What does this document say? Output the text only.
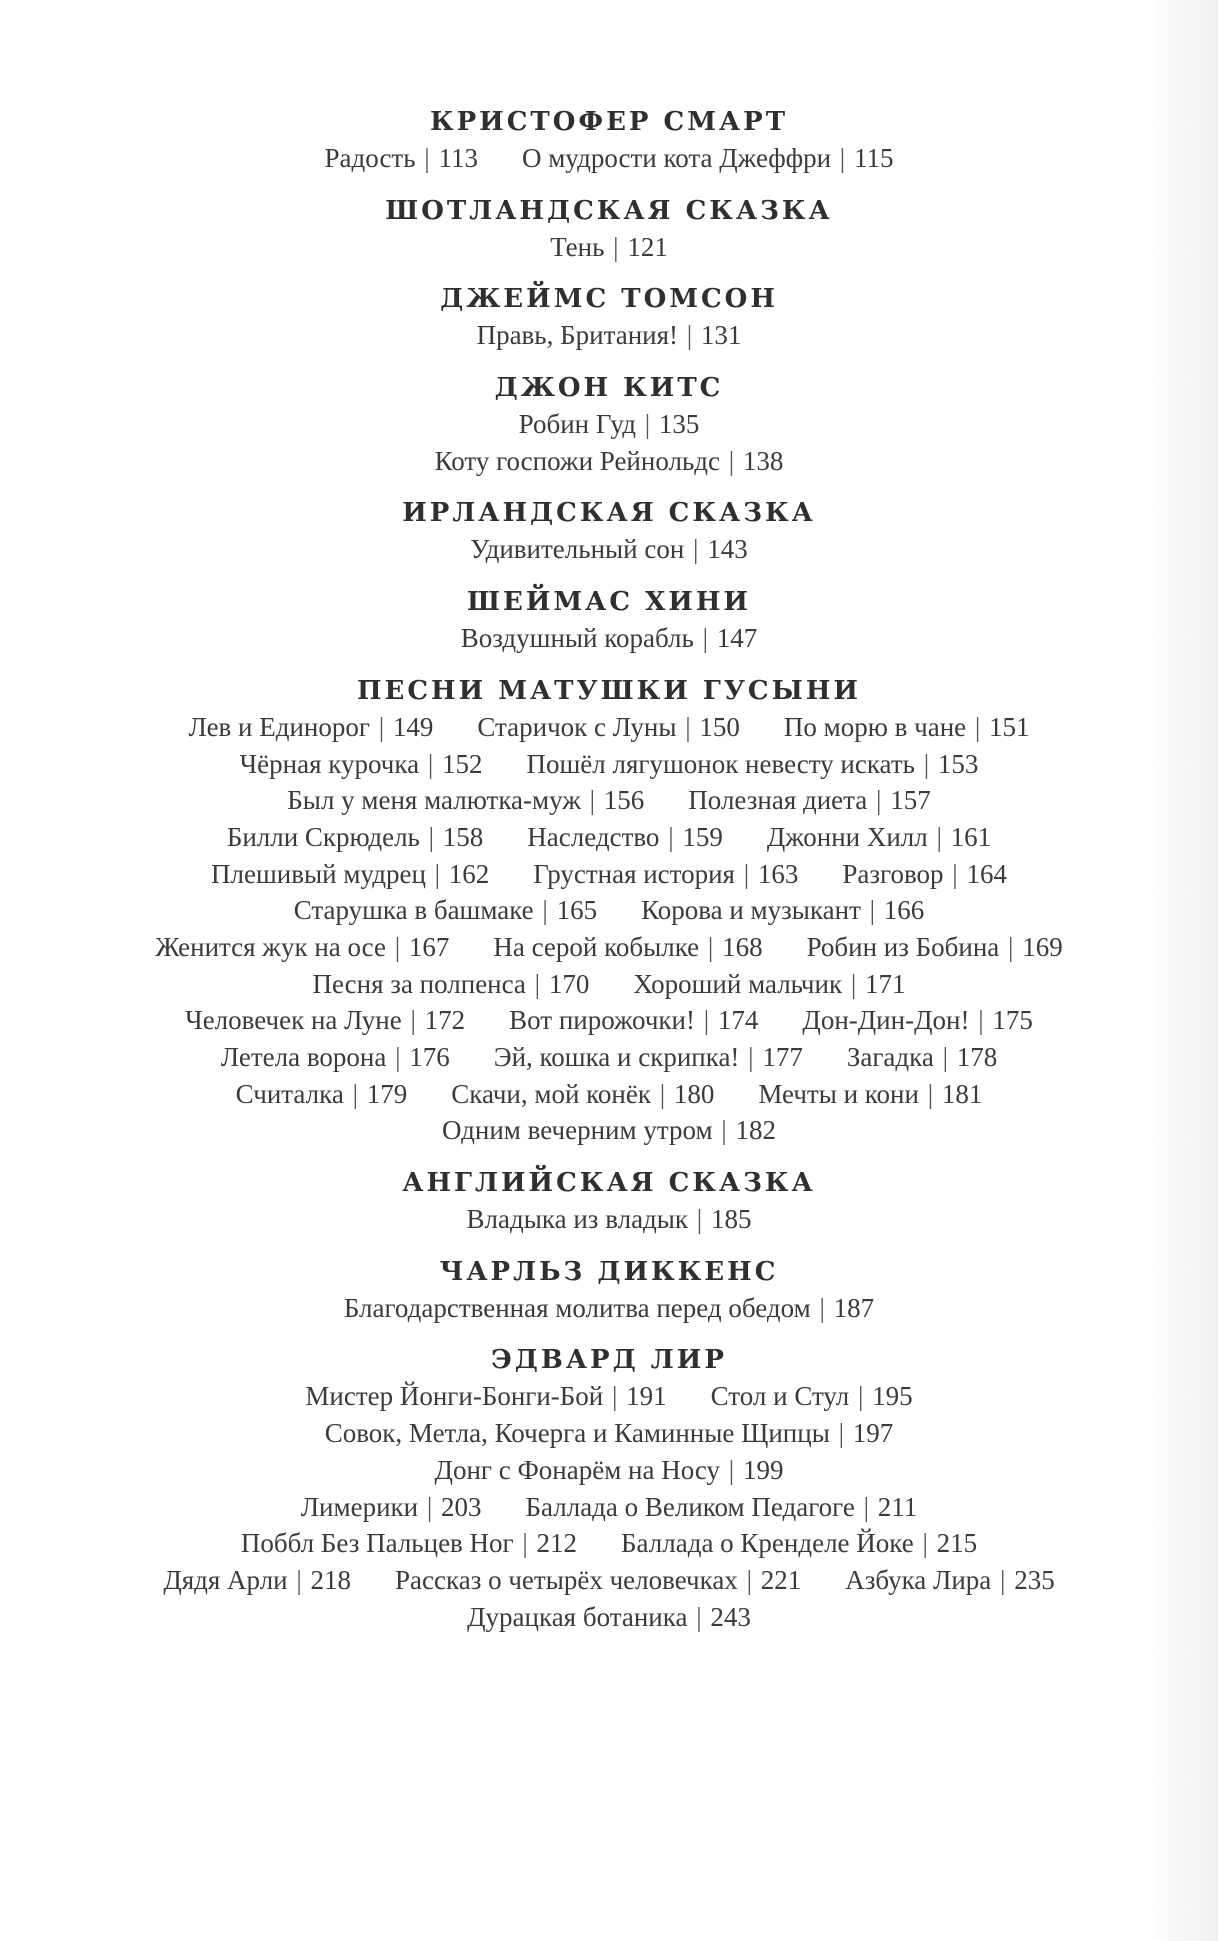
КРИСТОФЕР СМАРТ
Радость | 113 О мудрости кота Джеффри | 115
ШОТЛАНДСКАЯ СКАЗКА
Тень | 121
ДЖЕЙМС ТОМСОН
Правь, Британия! | 131
ДЖОН КИТС
Робин Гуд | 135
Коту госпожи Рейнольдс | 138
ИРЛАНДСКАЯ СКАЗКА
Удивительный сон | 143
ШЕЙМАС ХИНИ
Воздушный корабль | 147
ПЕСНИ МАТУШКИ ГУСЫНИ
Лев и Единорог | 149 Старичок с Луны | 150 По морю в чане | 151
Чёрная курочка | 152 Пошёл лягушонок невесту искать | 153
Был у меня малютка-муж | 156 Полезная диета | 157
Билли Скрюдель | 158 Наследство | 159 Джонни Хилл | 161
Плешивый мудрец | 162 Грустная история | 163 Разговор | 164
Старушка в башмаке | 165 Корова и музыкант | 166
Женится жук на осе | 167 На серой кобылке | 168 Робин из Бобина | 169
Песня за полпенса | 170 Хороший мальчик | 171
Человечек на Луне | 172 Вот пирожочки! | 174 Дон-Дин-Дон! | 175
Летела ворона | 176 Эй, кошка и скрипка! | 177 Загадка | 178
Считалка | 179 Скачи, мой конёк | 180 Мечты и кони | 181
Одним вечерним утром | 182
АНГЛИЙСКАЯ СКАЗКА
Владыка из владык | 185
ЧАРЛЬЗ ДИККЕНС
Благодарственная молитва перед обедом | 187
ЭДВАРД ЛИР
Мистер Йонги-Бонги-Бой | 191 Стол и Стул | 195
Совок, Метла, Кочерга и Каминные Щипцы | 197
Донг с Фонарём на Носу | 199
Лимерики | 203 Баллада о Великом Педагоге | 211
Поббл Без Пальцев Ног | 212 Баллада о Кренделе Йоке | 215
Дядя Арли | 218 Рассказ о четырёх человечках | 221 Азбука Лира | 235
Дурацкая ботаника | 243
